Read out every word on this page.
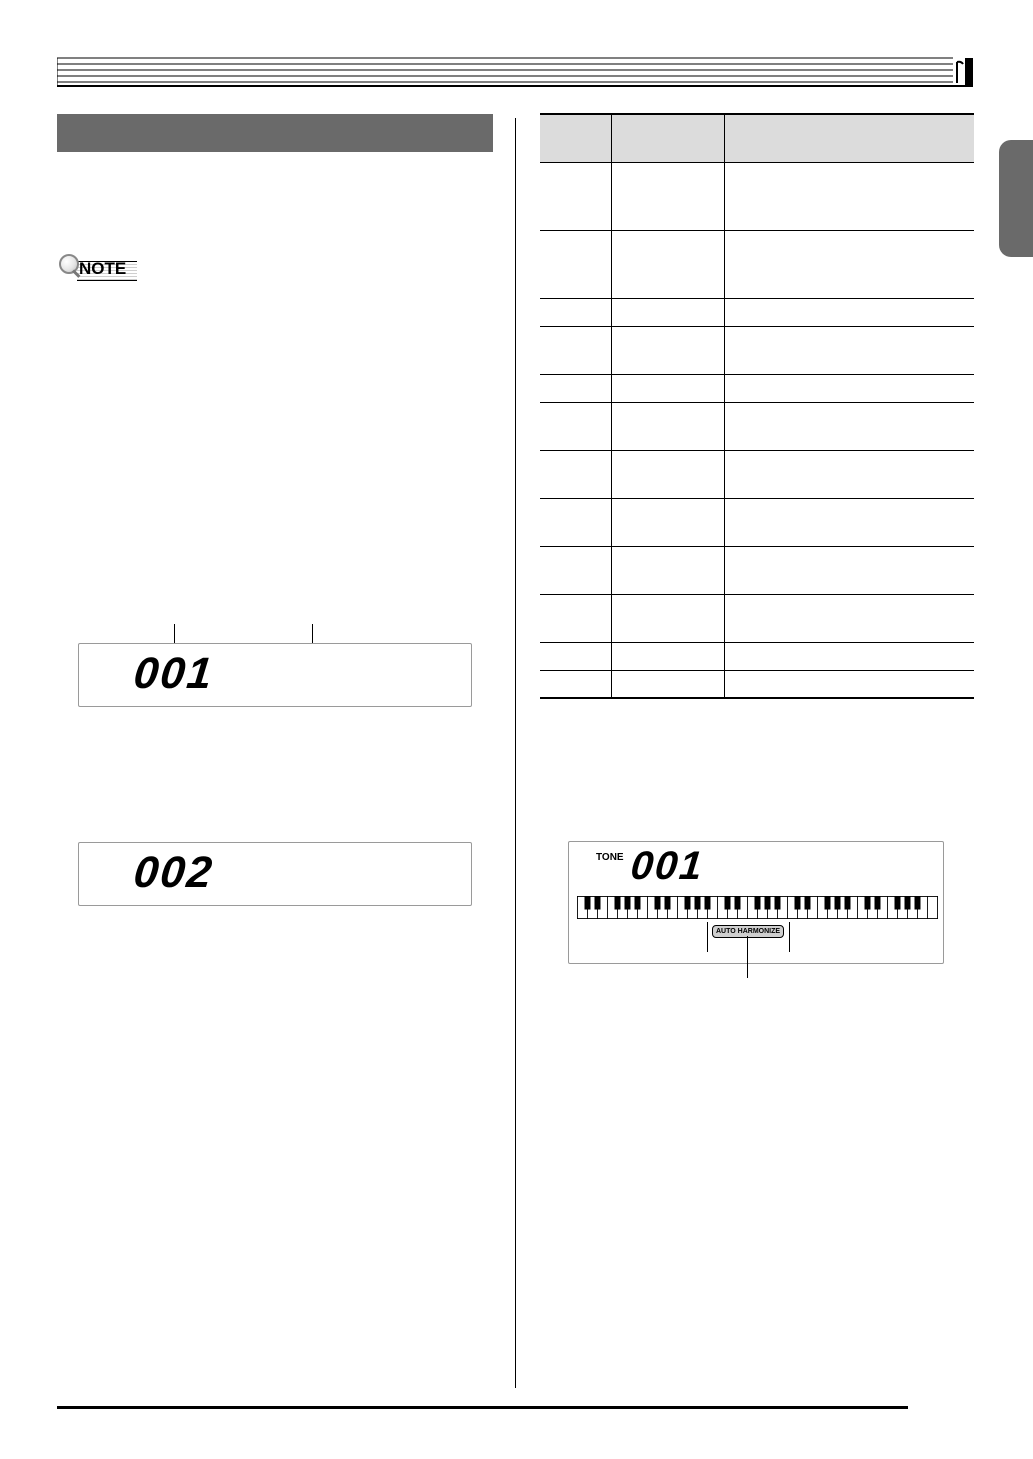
NOTE
001
002

			TONE 001
AUTO HARMONIZE
